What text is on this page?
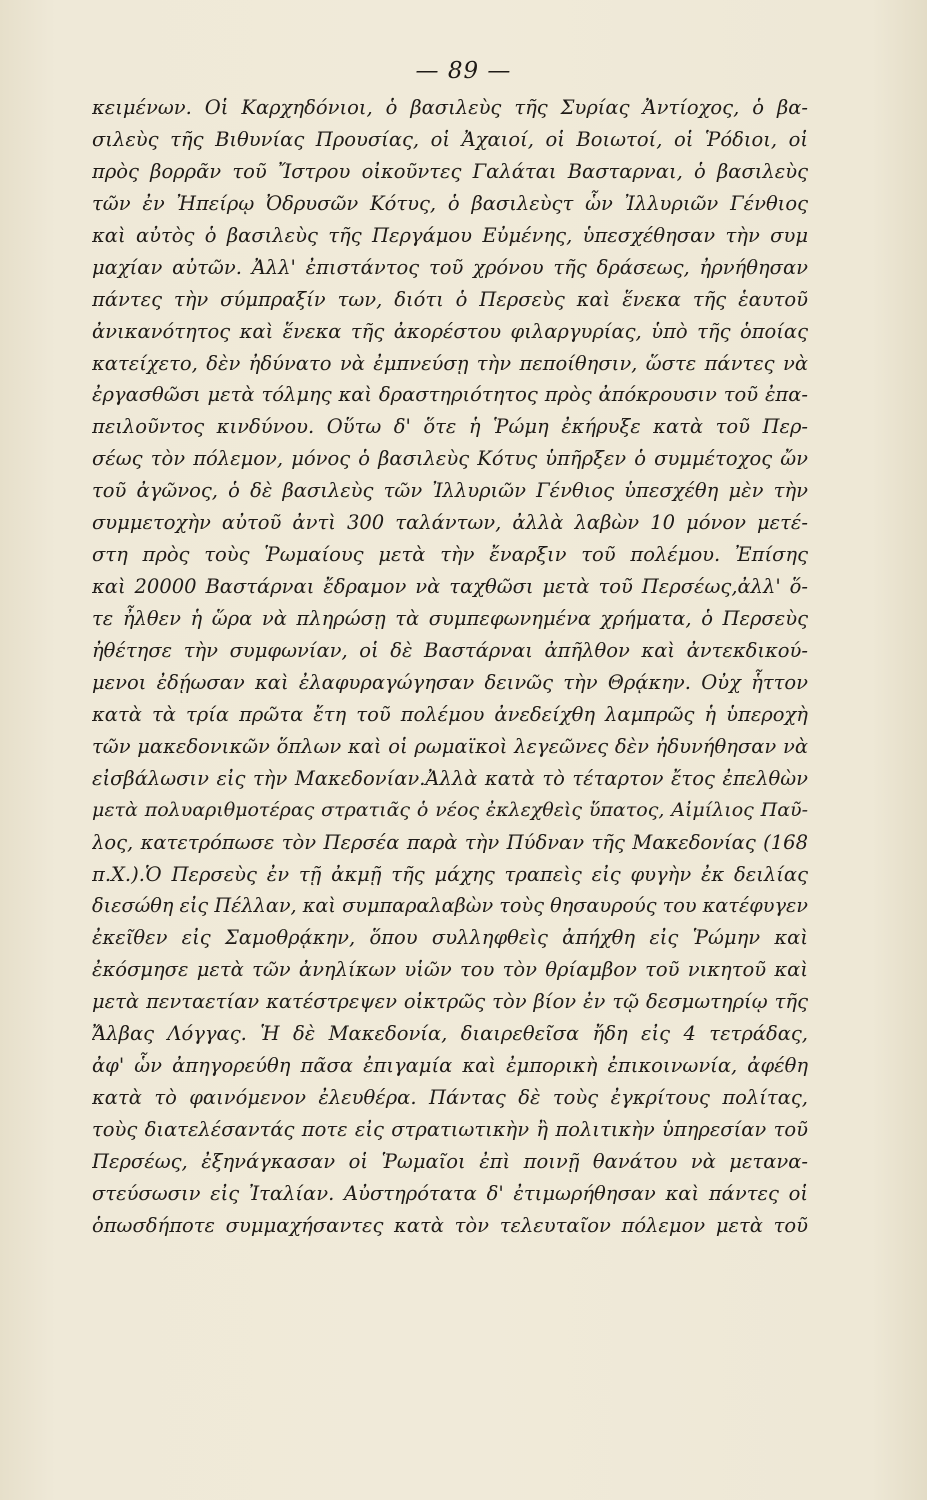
— 89 —
κειμένων. Οἱ Καρχηδόνιοι, ὁ βασιλεὺς τῆς Συρίας Ἀντίοχος, ὁ βα-
σιλεὺς τῆς Βιθυνίας Προυσίας, οἱ Ἀχαιοί, οἱ Βοιωτοί, οἱ Ῥόδιοι, οἱ
πρὸς βορρᾶν τοῦ Ἴστρου οἰκοῦντες Γαλάται Βασταρναι, ὁ βασιλεὺς
τῶν ἐν Ἠπείρῳ Ὀδρυσῶν Κότυς, ὁ βασιλεὺςτ ὧν Ἰλλυριῶν Γένθιος
καὶ αὐτὸς ὁ βασιλεὺς τῆς Περγάμου Εὐμένης, ὑπεσχέθησαν τὴν συμ
μαχίαν αὐτῶν. Ἀλλ' ἐπιστάντος τοῦ χρόνου τῆς δράσεως, ἠρνήθησαν
πάντες τὴν σύμπραξίν των, διότι ὁ Περσεὺς καὶ ἕνεκα τῆς ἑαυτοῦ
ἀνικανότητος καὶ ἕνεκα τῆς ἀκορέστου φιλαργυρίας, ὑπὸ τῆς ὁποίας
κατείχετο, δὲν ἠδύνατο νὰ ἐμπνεύσῃ τὴν πεποίθησιν, ὥστε πάντες νὰ
ἐργασθῶσι μετὰ τόλμης καὶ δραστηριότητος πρὸς ἀπόκρουσιν τοῦ ἐπα-
πειλοῦντος κινδύνου. Οὕτω δ' ὅτε ἡ Ῥώμη ἐκήρυξε κατὰ τοῦ Περ-
σέως τὸν πόλεμον, μόνος ὁ βασιλεὺς Κότυς ὑπῆρξεν ὁ συμμέτοχος ὤν
τοῦ ἀγῶνος, ὁ δὲ βασιλεὺς τῶν Ἰλλυριῶν Γένθιος ὑπεσχέθη μὲν τὴν
συμμετοχὴν αὐτοῦ ἀντὶ 300 ταλάντων, ἀλλὰ λαβὼν 10 μόνον μετέ-
στη πρὸς τοὺς Ῥωμαίους μετὰ τὴν ἔναρξιν τοῦ πολέμου. Ἐπίσης
καὶ 20000 Βαστάρναι ἔδραμον νὰ ταχθῶσι μετὰ τοῦ Περσέως,ἀλλ' ὅ-
τε ἦλθεν ἡ ὥρα νὰ πληρώσῃ τὰ συμπεφωνημένα χρήματα, ὁ Περσεὺς
ἠθέτησε τὴν συμφωνίαν, οἱ δὲ Βαστάρναι ἀπῆλθον καὶ ἀντεκδικού-
μενοι ἐδῄωσαν καὶ ἐλαφυραγώγησαν δεινῶς τὴν Θρᾴκην. Οὐχ ἧττον
κατὰ τὰ τρία πρῶτα ἔτη τοῦ πολέμου ἀνεδείχθη λαμπρῶς ἡ ὑπεροχὴ
τῶν μακεδονικῶν ὅπλων καὶ οἱ ρωμαϊκοὶ λεγεῶνες δὲν ἠδυνήθησαν νὰ
εἰσβάλωσιν εἰς τὴν Μακεδονίαν.Ἀλλὰ κατὰ τὸ τέταρτον ἔτος ἐπελθὼν
μετὰ πολυαριθμοτέρας στρατιᾶς ὁ νέος ἐκλεχθεὶς ὕπατος, Αἰμίλιος Παῦ-
λος, κατετρόπωσε τὸν Περσέα παρὰ τὴν Πύδναν τῆς Μακεδονίας (168
π.Χ.).Ὁ Περσεὺς ἐν τῇ ἀκμῇ τῆς μάχης τραπεὶς εἰς φυγὴν ἐκ δειλίας
διεσώθη εἰς Πέλλαν, καὶ συμπαραλαβὼν τοὺς θησαυρούς του κατέφυγεν
ἐκεῖθεν εἰς Σαμοθρᾴκην, ὅπου συλληφθεὶς ἀπήχθη εἰς Ῥώμην καὶ
ἐκόσμησε μετὰ τῶν ἀνηλίκων υἱῶν του τὸν θρίαμβον τοῦ νικητοῦ καὶ
μετὰ πενταετίαν κατέστρεψεν οἰκτρῶς τὸν βίον ἐν τῷ δεσμωτηρίῳ τῆς
Ἄλβας Λόγγας. Ἡ δὲ Μακεδονία, διαιρεθεῖσα ἤδη εἰς 4 τετράδας,
ἀφ' ὧν ἀπηγορεύθη πᾶσα ἐπιγαμία καὶ ἐμπορικὴ ἐπικοινωνία, ἀφέθη
κατὰ τὸ φαινόμενον ἐλευθέρα. Πάντας δὲ τοὺς ἐγκρίτους πολίτας,
τοὺς διατελέσαντάς ποτε εἰς στρατιωτικὴν ἢ πολιτικὴν ὑπηρεσίαν τοῦ
Περσέως, ἐξηνάγκασαν οἱ Ῥωμαῖοι ἐπὶ ποινῇ θανάτου νὰ μετανα-
στεύσωσιν εἰς Ἰταλίαν. Αὐστηρότατα δ' ἐτιμωρήθησαν καὶ πάντες οἱ
ὁπωσδήποτε συμμαχήσαντες κατὰ τὸν τελευταῖον πόλεμον μετὰ τοῦ
